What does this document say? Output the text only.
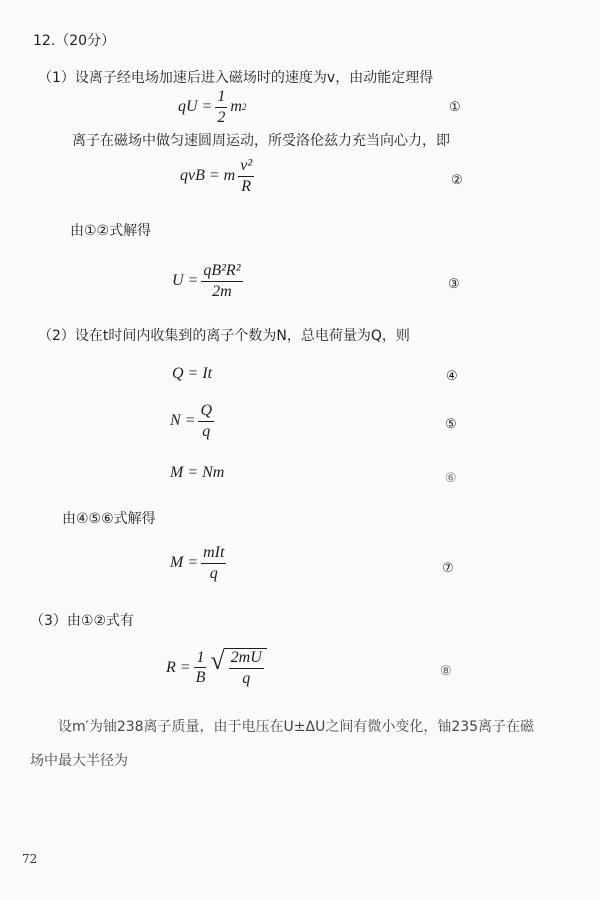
12.（20分）
（1）设离子经电场加速后进入磁场时的速度为v，由动能定理得
qU = $\frac{1}{2}$ m 2	①
离子在磁场中做匀速圆周运动，所受洛伦兹力充当向心力，即
qvB = m $\frac{\text{v²}}{R}$	②
由①②式解得
$U = \frac{\text{qB²R²}}{2m}$	③
（2）设在t时间内收集到的离子个数为N，总电荷量为Q，则
Q = It	④
$N = \frac{Q}{q}$	⑤
M = Nm	⑥
由④⑤⑥式解得
$M = \frac{\text{mIt}}{q}$	⑦
（3）由①②式有
$R = \frac{1}{B}$ √ $\frac{2mU}{q}$	⑧
设m′为铀238离子质量，由于电压在U±ΔU之间有微小变化，铀235离子在磁
场中最大半径为
72
